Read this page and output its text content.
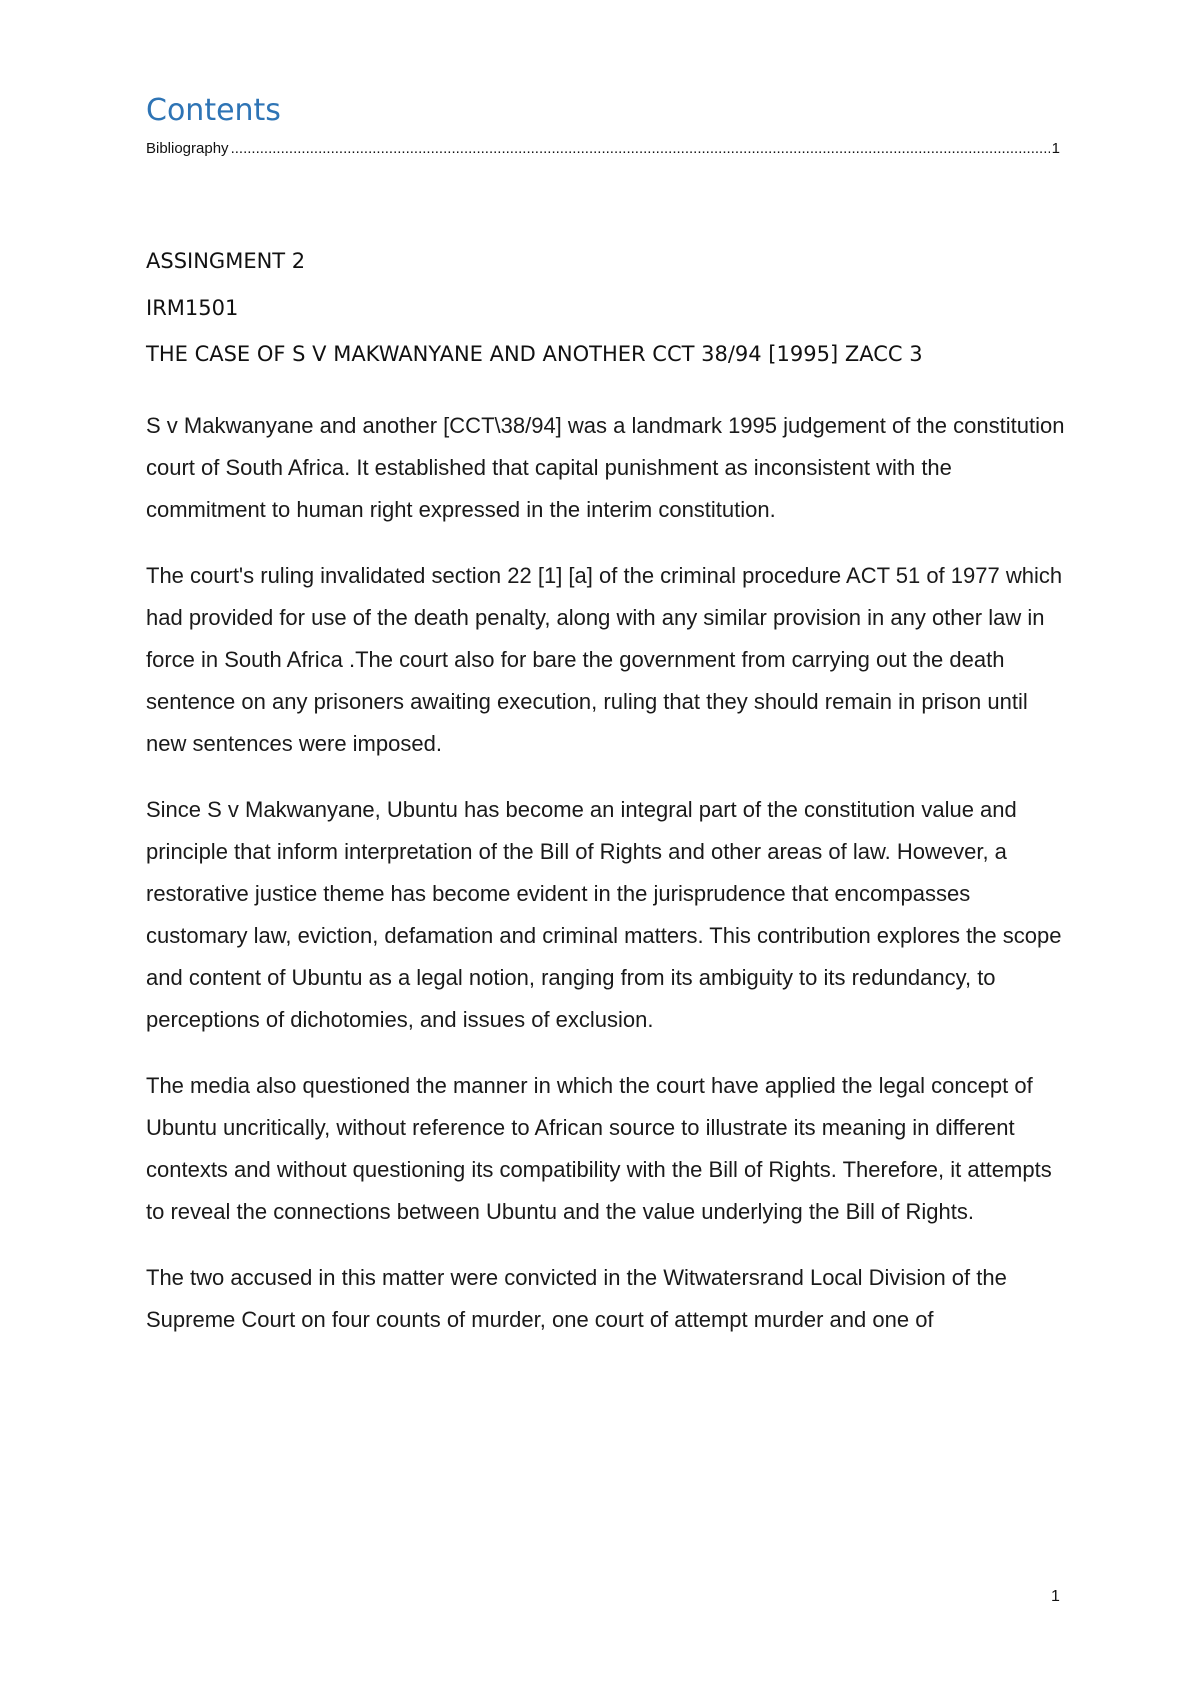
Contents
Bibliography
.....	1
ASSINGMENT 2
IRM1501
THE CASE OF S V MAKWANYANE AND ANOTHER CCT 38/94 [1995] ZACC 3

S v Makwanyane and another [CCT\38/94] was a landmark 1995 judgement of the constitution court of South Africa. It established that capital punishment as inconsistent with the commitment to human right expressed in the interim constitution.

The court's ruling invalidated section 22 [1] [a] of the criminal procedure ACT 51 of 1977 which had provided for use of the death penalty, along with any similar provision in any other law in force in South Africa .The court also for bare the government from carrying out the death sentence on any prisoners awaiting execution, ruling that they should remain in prison until new sentences were imposed.

Since S v Makwanyane, Ubuntu has become an integral part of the constitution value and principle that inform interpretation of the Bill of Rights and other areas of law. However, a restorative justice theme has become evident in the jurisprudence that encompasses customary law, eviction, defamation and criminal matters. This contribution explores the scope and content of Ubuntu as a legal notion, ranging from its ambiguity to its redundancy, to perceptions of dichotomies, and issues of exclusion.

The media also questioned the manner in which the court have applied the legal concept of Ubuntu uncritically, without reference to African source to illustrate its meaning in different contexts and without questioning its compatibility with the Bill of Rights. Therefore, it attempts to reveal the connections between Ubuntu and the value underlying the Bill of Rights.

The two accused in this matter were convicted in the Witwatersrand Local Division of the Supreme Court on four counts of murder, one court of attempt murder and one of

1
